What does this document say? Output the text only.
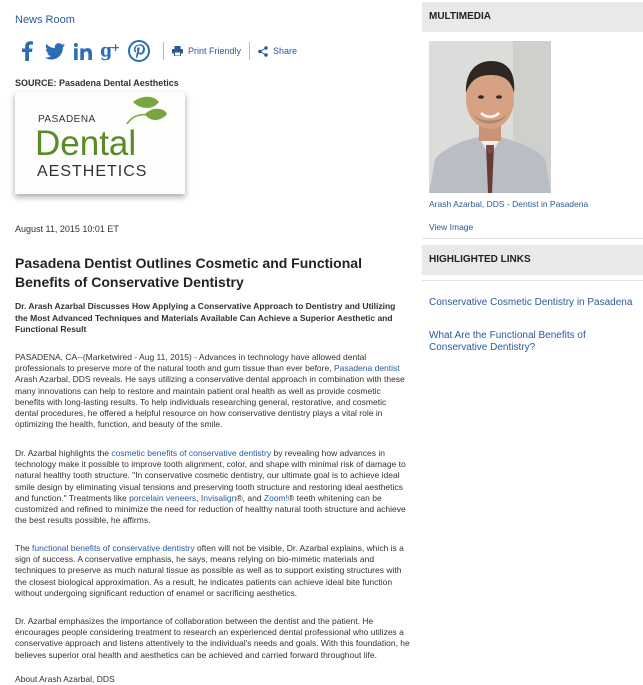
News Room
g
+	Print Friendly	Share
SOURCE: Pasadena Dental Aesthetics
PASADENA
Dental
AESTHETICS
August 11, 2015 10:01 ET
Pasadena Dentist Outlines Cosmetic and Functional Benefits of Conservative Dentistry
Dr. Arash Azarbal Discusses How Applying a Conservative Approach to Dentistry and Utilizing the Most Advanced Techniques and Materials Available Can Achieve a Superior Aesthetic and Functional Result

PASADENA, CA--(Marketwired - Aug 11, 2015) - Advances in technology have allowed dental professionals to preserve more of the natural tooth and gum tissue than ever before, Pasadena dentist Arash Azarbal, DDS reveals. He says utilizing a conservative dental approach in combination with these many innovations can help to restore and maintain patient oral health as well as provide cosmetic benefits with long-lasting results. To help individuals researching general, restorative, and cosmetic dental procedures, he offered a helpful resource on how conservative dentistry plays a vital role in optimizing the health, function, and beauty of the smile.

Dr. Azarbal highlights the cosmetic benefits of conservative dentistry by revealing how advances in technology make it possible to improve tooth alignment, color, and shape with minimal risk of damage to natural healthy tooth structure. "In conservative cosmetic dentistry, our ultimate goal is to achieve ideal smile design by eliminating visual tensions and preserving tooth structure and restoring ideal aesthetics and function." Treatments like porcelain veneers, Invisalign®, and Zoom!® teeth whitening can be customized and refined to minimize the need for reduction of healthy natural tooth structure and achieve the best results possible, he affirms.

The functional benefits of conservative dentistry often will not be visible, Dr. Azarbal explains, which is a sign of success. A conservative emphasis, he says, means relying on bio-mimetic materials and techniques to preserve as much natural tissue as possible as well as to support existing structures with the closest biological approximation. As a result, he indicates patients can achieve ideal bite function without undergoing significant reduction of enamel or sacrificing aesthetics.

Dr. Azarbal emphasizes the importance of collaboration between the dentist and the patient. He encourages people considering treatment to research an experienced dental professional who utilizes a conservative approach and listens attentively to the individual's needs and goals. With this foundation, he believes superior oral health and aesthetics can be achieved and carried forward throughout life.

About Arash Azarbal, DDS

MULTIMEDIA
Arash Azarbal, DDS - Dentist in Pasadena
View Image
HIGHLIGHTED LINKS
Conservative Cosmetic Dentistry in Pasadena
What Are the Functional Benefits of Conservative Dentistry?
